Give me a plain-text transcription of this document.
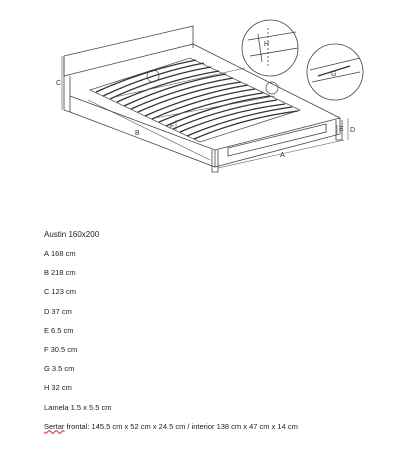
C
B
A
D
F	E
H
G
Austin 160x200
A 168 cm
B 218 cm
C 123 cm
D 37 cm
E 6.5 cm
F 30.5 cm
G 3.5 cm
H 32 cm
Lamela 1.5 x 5.5 cm
Sertar frontal: 145.5 cm x 52 cm x 24.5 cm / interior 138 cm x 47 cm x 14 cm
